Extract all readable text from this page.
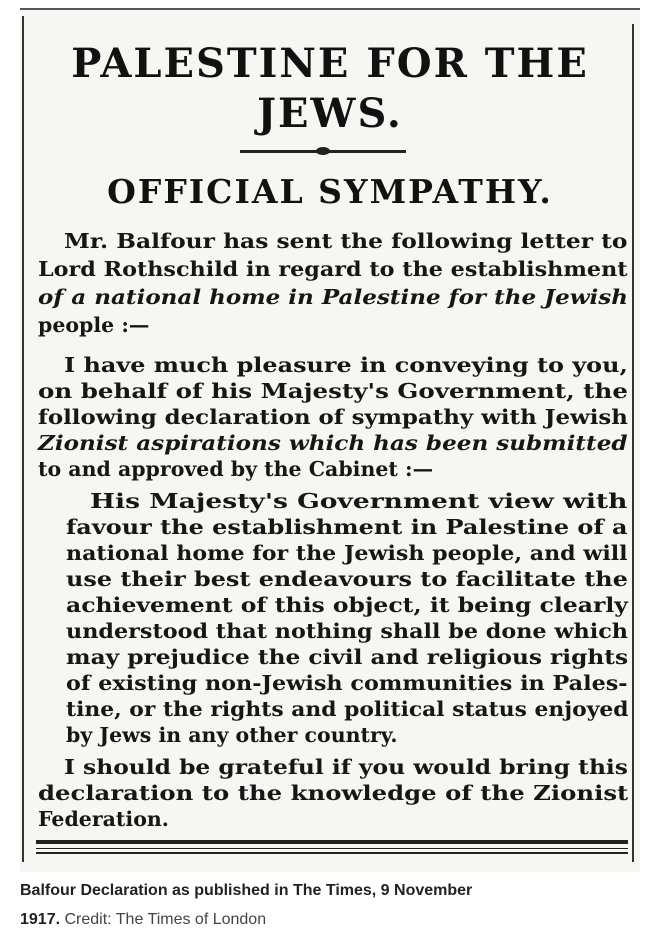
PALESTINE FOR THE
JEWS.
OFFICIAL SYMPATHY.
Mr. Balfour has sent the following letter to
Lord Rothschild in regard to the establishment
of a national home in Palestine for the Jewish
people :—
I have much pleasure in conveying to you,
on behalf of his Majesty's Government, the
following declaration of sympathy with Jewish
Zionist aspirations which has been submitted
to and approved by the Cabinet :—
His Majesty's Government view with
favour the establishment in Palestine of a
national home for the Jewish people, and will
use their best endeavours to facilitate the
achievement of this object, it being clearly
understood that nothing shall be done which
may prejudice the civil and religious rights
of existing non-Jewish communities in Pales-
tine, or the rights and political status enjoyed
by Jews in any other country.
I should be grateful if you would bring this
declaration to the knowledge of the Zionist
Federation.
Balfour Declaration as published in The Times, 9 November
1917. Credit: The Times of London
